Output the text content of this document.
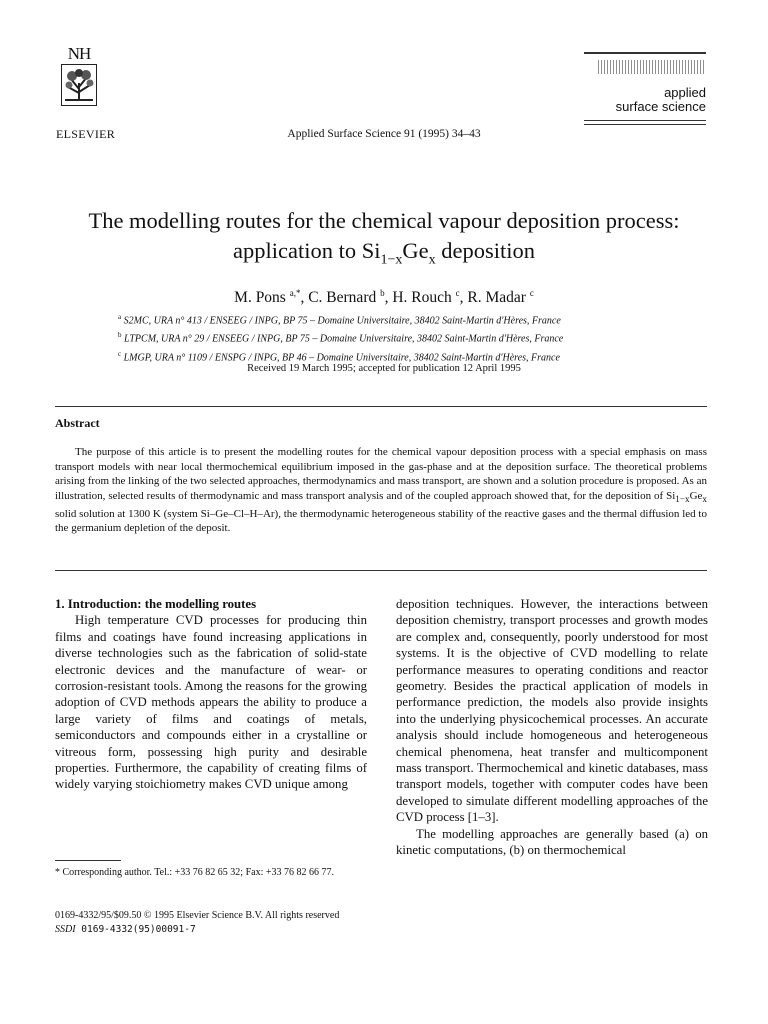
NH
ELSEVIER	Applied Surface Science 91 (1995) 34–43
applied
surface science
The modelling routes for the chemical vapour deposition process:
application to $Si_{1-x}Ge_x$ deposition
M. Pons $^{a,*}$, C. Bernard $^b$, H. Rouch $^c$, R. Madar $^c$
$^a$ S2MC, URA n° 413 / ENSEEG / INPG, BP 75 – Domaine Universitaire, 38402 Saint-Martin d'Hères, France
$^b$ LTPCM, URA n° 29 / ENSEEG / INPG, BP 75 – Domaine Universitaire, 38402 Saint-Martin d'Hères, France
$^c$ LMGP, URA n° 1109 / ENSPG / INPG, BP 46 – Domaine Universitaire, 38402 Saint-Martin d'Hères, France
Received 19 March 1995; accepted for publication 12 April 1995
Abstract
The purpose of this article is to present the modelling routes for the chemical vapour deposition process with a special emphasis on mass transport models with near local thermochemical equilibrium imposed in the gas-phase and at the deposition surface. The theoretical problems arising from the linking of the two selected approaches, thermodynamics and mass transport, are shown and a solution procedure is proposed. As an illustration, selected results of thermodynamic and mass transport analysis and of the coupled approach showed that, for the deposition of $Si_{1-x}Ge_x$ solid solution at 1300 K (system Si–Ge–Cl–H–Ar), the thermodynamic heterogeneous stability of the reactive gases and the thermal diffusion led to the germanium depletion of the deposit.

1. Introduction: the modelling routes

High temperature CVD processes for producing thin films and coatings have found increasing applications in diverse technologies such as the fabrication of solid-state electronic devices and the manufacture of wear- or corrosion-resistant tools. Among the reasons for the growing adoption of CVD methods appears the ability to produce a large variety of films and coatings of metals, semiconductors and compounds either in a crystalline or vitreous form, possessing high purity and desirable properties. Furthermore, the capability of creating films of widely varying stoichiometry makes CVD unique among

deposition techniques. However, the interactions between deposition chemistry, transport processes and growth modes are complex and, consequently, poorly understood for most systems. It is the objective of CVD modelling to relate performance measures to operating conditions and reactor geometry. Besides the practical application of models in performance prediction, the models also provide insights into the underlying physicochemical processes. An accurate analysis should include homogeneous and heterogeneous chemical phenomena, heat transfer and multicomponent mass transport. Thermochemical and kinetic databases, mass transport models, together with computer codes have been developed to simulate different modelling approaches of the CVD process [1–3].

The modelling approaches are generally based (a) on kinetic computations, (b) on thermochemical

* Corresponding author. Tel.: +33 76 82 65 32; Fax: +33 76 82 66 77.
0169-4332/95/$09.50 © 1995 Elsevier Science B.V. All rights reserved
SSDI 0169-4332(95)00091-7
